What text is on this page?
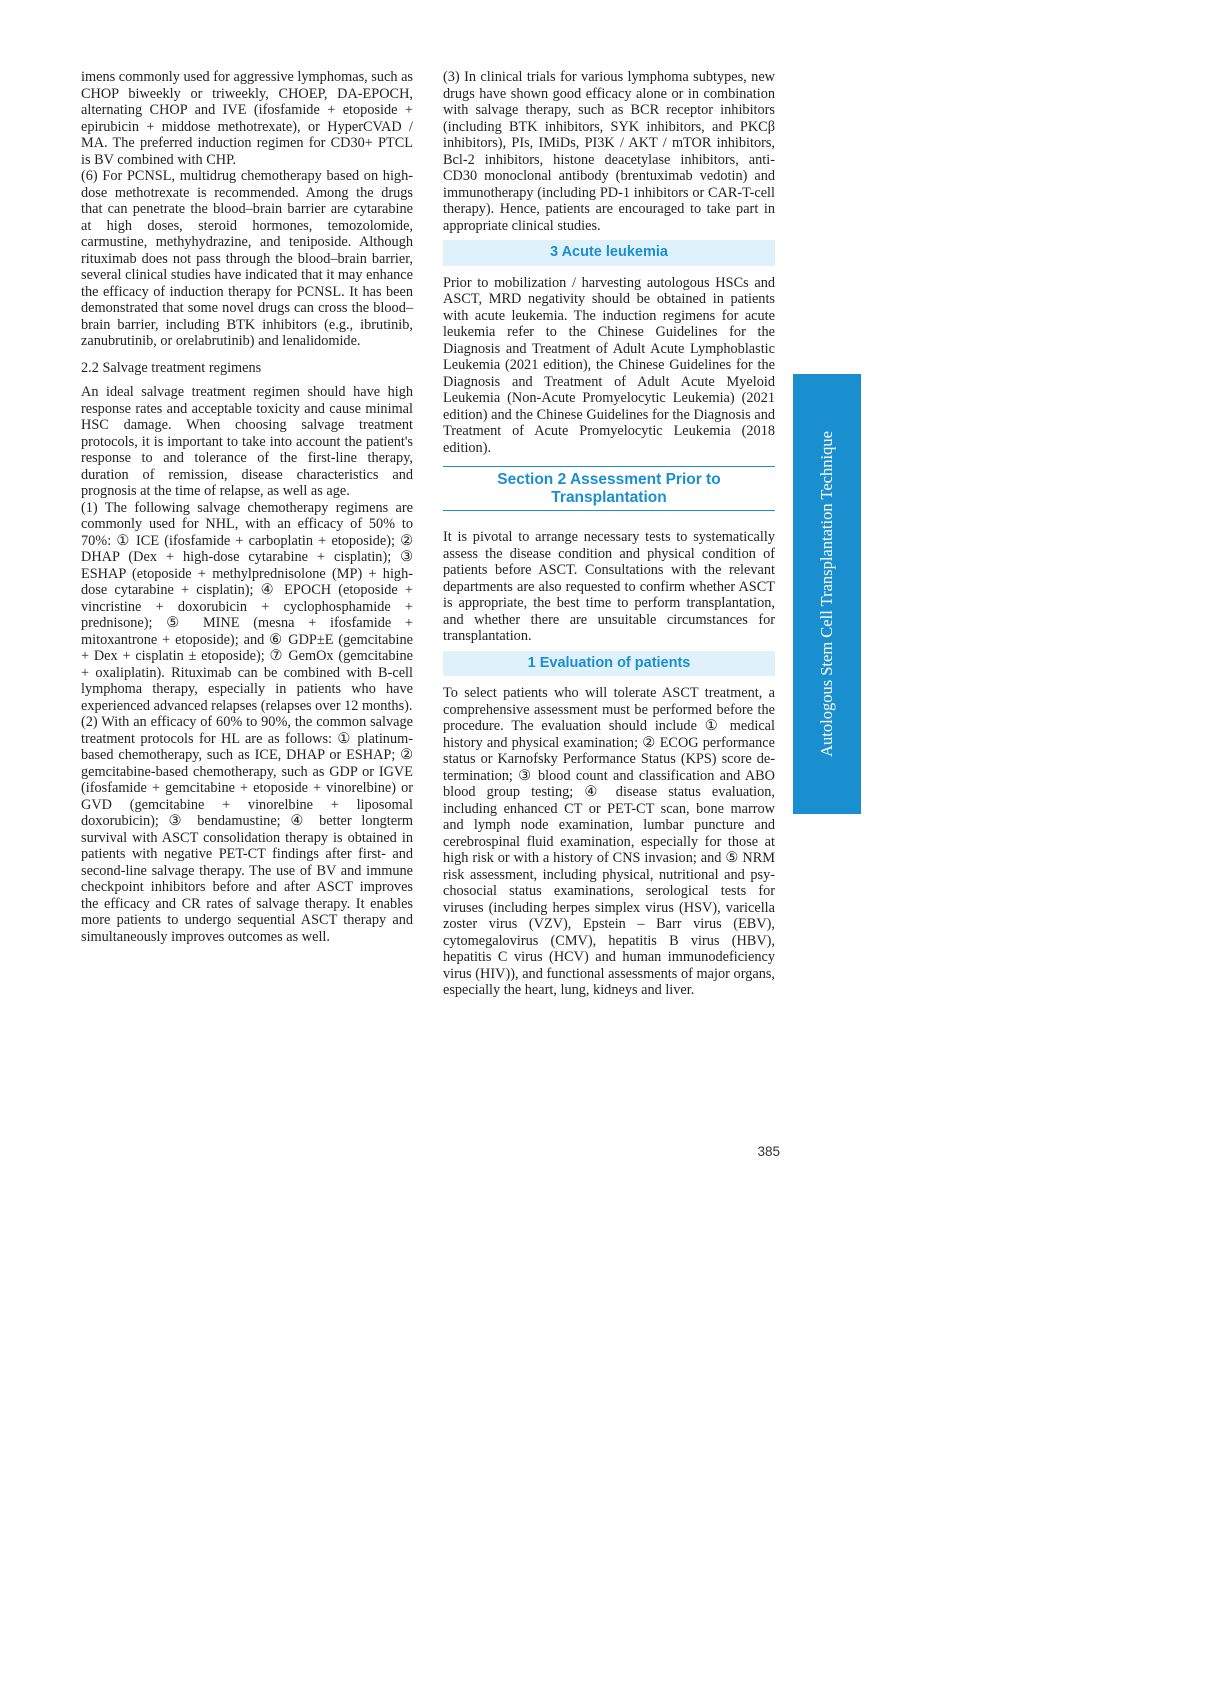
imens commonly used for aggressive lymphomas, such as CHOP biweekly or triweekly, CHOEP, DA-EPOCH, alternating CHOP and IVE (ifosfamide + etoposide + epirubicin + middose methotrexate), or HyperCVAD / MA. The preferred induction regimen for CD30+ PTCL is BV combined with CHP.

(6) For PCNSL, multidrug chemotherapy based on high-dose methotrexate is recommended. Among the drugs that can penetrate the blood–brain barrier are cytarabine at high doses, steroid hormones, temozolomide, carmustine, methyhydrazine, and teniposide. Although rituximab does not pass through the blood–brain barrier, several clinical studies have indicated that it may enhance the efficacy of induction therapy for PCNSL. It has been demonstrated that some novel drugs can cross the blood–brain barrier, including BTK inhibitors (e.g., ibrutinib, zanubrutinib, or orelabrutinib) and lenalidomide.

2.2 Salvage treatment regimens

An ideal salvage treatment regimen should have high response rates and acceptable toxicity and cause minimal HSC damage. When choosing salvage treatment protocols, it is important to take into account the patient's response to and tolerance of the first-line therapy, duration of remission, disease characteristics and prognosis at the time of relapse, as well as age.

(1) The following salvage chemotherapy regimens are commonly used for NHL, with an efficacy of 50% to 70%: ① ICE (ifosfamide + carboplatin + etoposide); ② DHAP (Dex + high-dose cytarabine + cisplatin); ③ ESHAP (etoposide + methylprednisolone (MP) + high-dose cytarabine + cisplatin); ④ EPOCH (etoposide + vincristine + doxorubicin + cyclophosphamide + prednisone); ⑤ MINE (mesna + ifosfamide + mitoxantrone + etoposide); and ⑥ GDP±E (gemcitabine + Dex + cisplatin ± etoposide); ⑦ GemOx (gemcitabine + oxaliplatin). Rituximab can be combined with B-cell lymphoma therapy, especially in patients who have experienced advanced relapses (relapses over 12 months).

(2) With an efficacy of 60% to 90%, the common salvage treatment protocols for HL are as follows: ① platinum-based chemotherapy, such as ICE, DHAP or ESHAP; ② gemcitabine-based chemotherapy, such as GDP or IGVE (ifosfamide + gemcitabine + etoposide + vinorelbine) or GVD (gemcitabine + vinorelbine + liposomal doxorubicin); ③ bendamustine; ④ better longterm survival with ASCT consolidation therapy is obtained in patients with negative PET-CT findings after first- and second-line salvage therapy. The use of BV and immune checkpoint inhibitors before and after ASCT improves the efficacy and CR rates of salvage therapy. It enables more patients to undergo sequential ASCT therapy and simultaneously improves outcomes as well.

(3) In clinical trials for various lymphoma subtypes, new drugs have shown good efficacy alone or in combination with salvage therapy, such as BCR receptor inhibitors (including BTK inhibitors, SYK inhibitors, and PKCβ inhibitors), PIs, IMiDs, PI3K / AKT / mTOR inhibitors, Bcl-2 inhibitors, histone deacetylase inhibitors, anti-CD30 monoclonal antibody (brentuximab vedotin) and immunotherapy (including PD-1 inhibitors or CAR-T-cell therapy). Hence, patients are encouraged to take part in appropriate clinical studies.

3 Acute leukemia

Prior to mobilization / harvesting autologous HSCs and ASCT, MRD negativity should be obtained in patients with acute leukemia. The induction regimens for acute leukemia refer to the Chinese Guidelines for the Diagnosis and Treatment of Adult Acute Lymphoblastic Leukemia (2021 edition), the Chinese Guidelines for the Diagnosis and Treatment of Adult Acute Myeloid Leukemia (Non-Acute Promyelocytic Leukemia) (2021 edition) and the Chinese Guidelines for the Diagnosis and Treatment of Acute Promyelocytic Leukemia (2018 edition).

Section 2 Assessment Prior to
Transplantation

It is pivotal to arrange necessary tests to systematically assess the disease condition and physical condition of patients before ASCT. Consultations with the relevant departments are also requested to confirm whether ASCT is appropriate, the best time to perform transplantation, and whether there are unsuitable circumstances for transplantation.

1 Evaluation of patients

To select patients who will tolerate ASCT treatment, a comprehensive assessment must be performed before the procedure. The evaluation should include ① medical history and physical examination; ② ECOG performance status or Karnofsky Performance Status (KPS) score determination; ③ blood count and classification and ABO blood group testing; ④ disease status evaluation, including enhanced CT or PET-CT scan, bone marrow and lymph node examination, lumbar puncture and cerebrospinal fluid examination, especially for those at high risk or with a history of CNS invasion; and ⑤ NRM risk assessment, including physical, nutritional and psychosocial status examinations, serological tests for viruses (including herpes simplex virus (HSV), varicella zoster virus (VZV), Epstein – Barr virus (EBV), cytomegalovirus (CMV), hepatitis B virus (HBV), hepatitis C virus (HCV) and human immunodeficiency virus (HIV)), and functional assessments of major organs, especially the heart, lung, kidneys and liver.

Autologous Stem Cell Transplantation Technique
385
